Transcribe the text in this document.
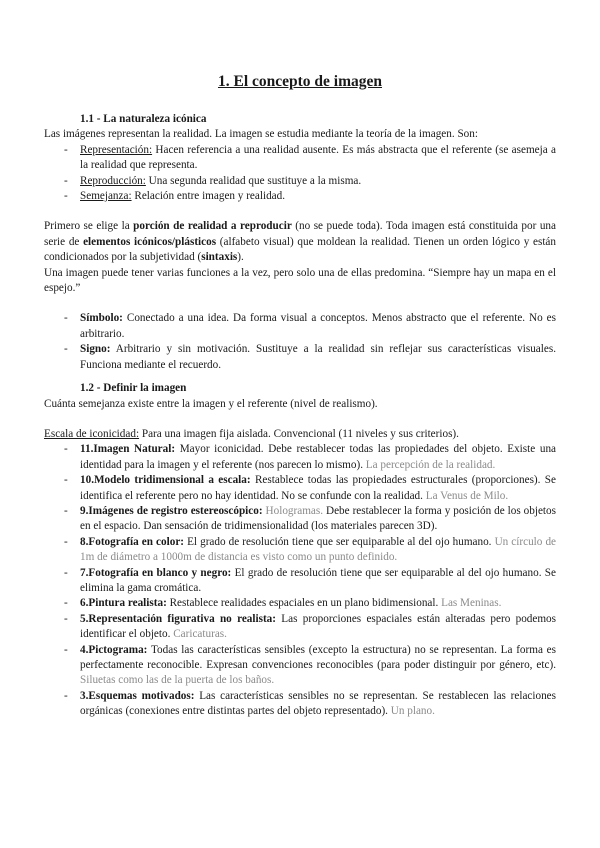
1. El concepto de imagen
1.1 - La naturaleza icónica

Las imágenes representan la realidad. La imagen se estudia mediante la teoría de la imagen. Son:

- Representación: Hacen referencia a una realidad ausente. Es más abstracta que el referente (se asemeja a la realidad que representa.
- Reproducción: Una segunda realidad que sustituye a la misma.
- Semejanza: Relación entre imagen y realidad.

Primero se elige la porción de realidad a reproducir (no se puede toda). Toda imagen está constituida por una serie de elementos icónicos/plásticos (alfabeto visual) que moldean la realidad. Tienen un orden lógico y están condicionados por la subjetividad (sintaxis).

Una imagen puede tener varias funciones a la vez, pero solo una de ellas predomina. “Siempre hay un mapa en el espejo.”

- Símbolo: Conectado a una idea. Da forma visual a conceptos. Menos abstracto que el referente. No es arbitrario.
- Signo: Arbitrario y sin motivación. Sustituye a la realidad sin reflejar sus características visuales. Funciona mediante el recuerdo.
1.2 - Definir la imagen

Cuánta semejanza existe entre la imagen y el referente (nivel de realismo).

Escala de iconicidad: Para una imagen fija aislada. Convencional (11 niveles y sus criterios).

- 11.Imagen Natural: Mayor iconicidad. Debe restablecer todas las propiedades del objeto. Existe una identidad para la imagen y el referente (nos parecen lo mismo). La percepción de la realidad.
- 10.Modelo tridimensional a escala: Restablece todas las propiedades estructurales (proporciones). Se identifica el referente pero no hay identidad. No se confunde con la realidad. La Venus de Milo.
- 9.Imágenes de registro estereoscópico: Hologramas. Debe restablecer la forma y posición de los objetos en el espacio. Dan sensación de tridimensionalidad (los materiales parecen 3D).
- 8.Fotografía en color: El grado de resolución tiene que ser equiparable al del ojo humano. Un círculo de 1m de diámetro a 1000m de distancia es visto como un punto definido.
- 7.Fotografía en blanco y negro: El grado de resolución tiene que ser equiparable al del ojo humano. Se elimina la gama cromática.
- 6.Pintura realista: Restablece realidades espaciales en un plano bidimensional. Las Meninas.
- 5.Representación figurativa no realista: Las proporciones espaciales están alteradas pero podemos identificar el objeto. Caricaturas.
- 4.Pictograma: Todas las características sensibles (excepto la estructura) no se representan. La forma es perfectamente reconocible. Expresan convenciones reconocibles (para poder distinguir por género, etc). Siluetas como las de la puerta de los baños.
- 3.Esquemas motivados: Las características sensibles no se representan. Se restablecen las relaciones orgánicas (conexiones entre distintas partes del objeto representado). Un plano.
